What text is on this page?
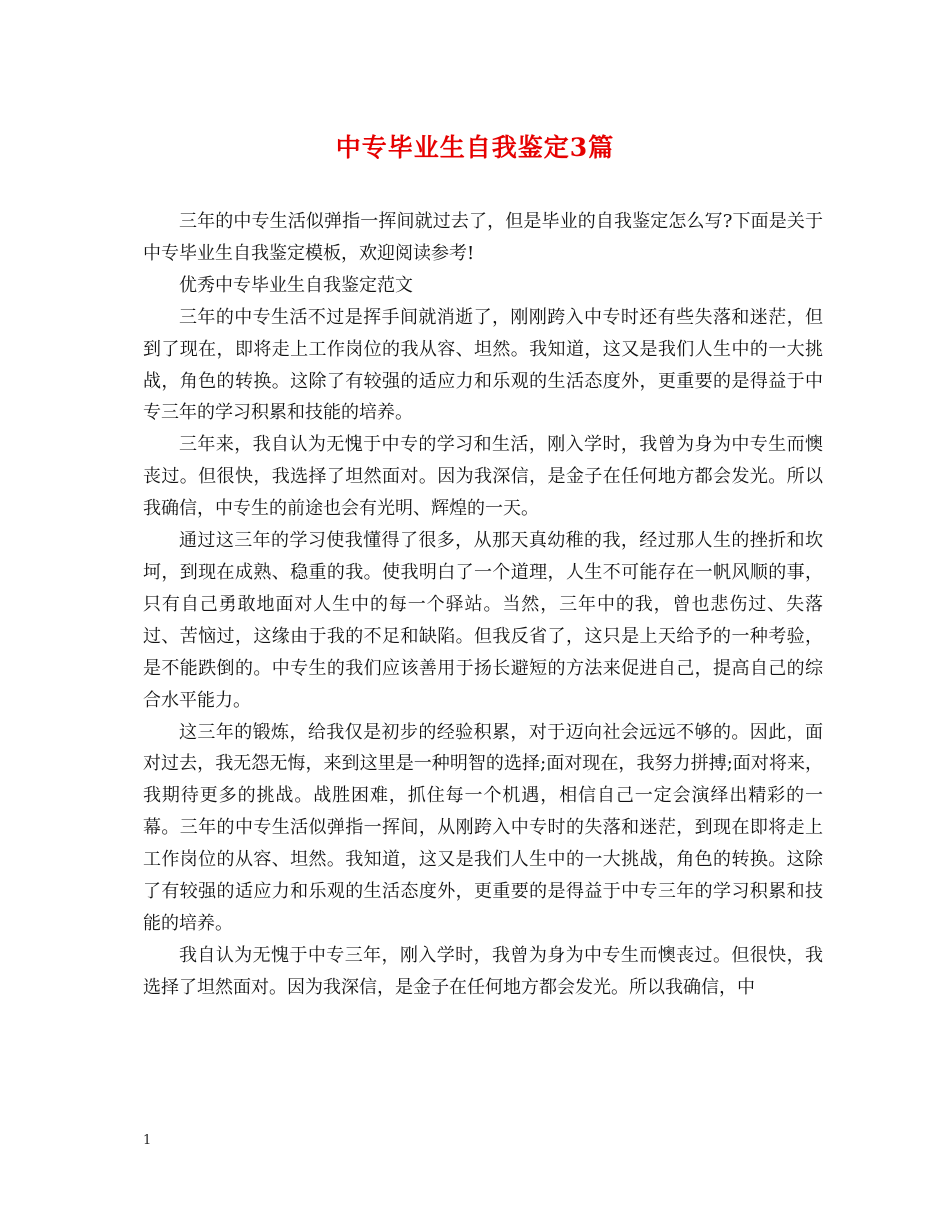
中专毕业生自我鉴定3篇

三年的中专生活似弹指一挥间就过去了，但是毕业的自我鉴定怎么写?下面是关于中专毕业生自我鉴定模板，欢迎阅读参考!

优秀中专毕业生自我鉴定范文

三年的中专生活不过是挥手间就消逝了，刚刚跨入中专时还有些失落和迷茫，但到了现在，即将走上工作岗位的我从容、坦然。我知道，这又是我们人生中的一大挑战，角色的转换。这除了有较强的适应力和乐观的生活态度外，更重要的是得益于中专三年的学习积累和技能的培养。

三年来，我自认为无愧于中专的学习和生活，刚入学时，我曾为身为中专生而懊丧过。但很快，我选择了坦然面对。因为我深信，是金子在任何地方都会发光。所以我确信，中专生的前途也会有光明、辉煌的一天。

通过这三年的学习使我懂得了很多，从那天真幼稚的我，经过那人生的挫折和坎坷，到现在成熟、稳重的我。使我明白了一个道理，人生不可能存在一帆风顺的事，只有自己勇敢地面对人生中的每一个驿站。当然，三年中的我，曾也悲伤过、失落过、苦恼过，这缘由于我的不足和缺陷。但我反省了，这只是上天给予的一种考验，是不能跌倒的。中专生的我们应该善用于扬长避短的方法来促进自己，提高自己的综合水平能力。

这三年的锻炼，给我仅是初步的经验积累，对于迈向社会远远不够的。因此，面对过去，我无怨无悔，来到这里是一种明智的选择;面对现在，我努力拼搏;面对将来，我期待更多的挑战。战胜困难，抓住每一个机遇，相信自己一定会演绎出精彩的一幕。三年的中专生活似弹指一挥间，从刚跨入中专时的失落和迷茫，到现在即将走上工作岗位的从容、坦然。我知道，这又是我们人生中的一大挑战，角色的转换。这除了有较强的适应力和乐观的生活态度外，更重要的是得益于中专三年的学习积累和技能的培养。

我自认为无愧于中专三年，刚入学时，我曾为身为中专生而懊丧过。但很快，我选择了坦然面对。因为我深信，是金子在任何地方都会发光。所以我确信，中

1
